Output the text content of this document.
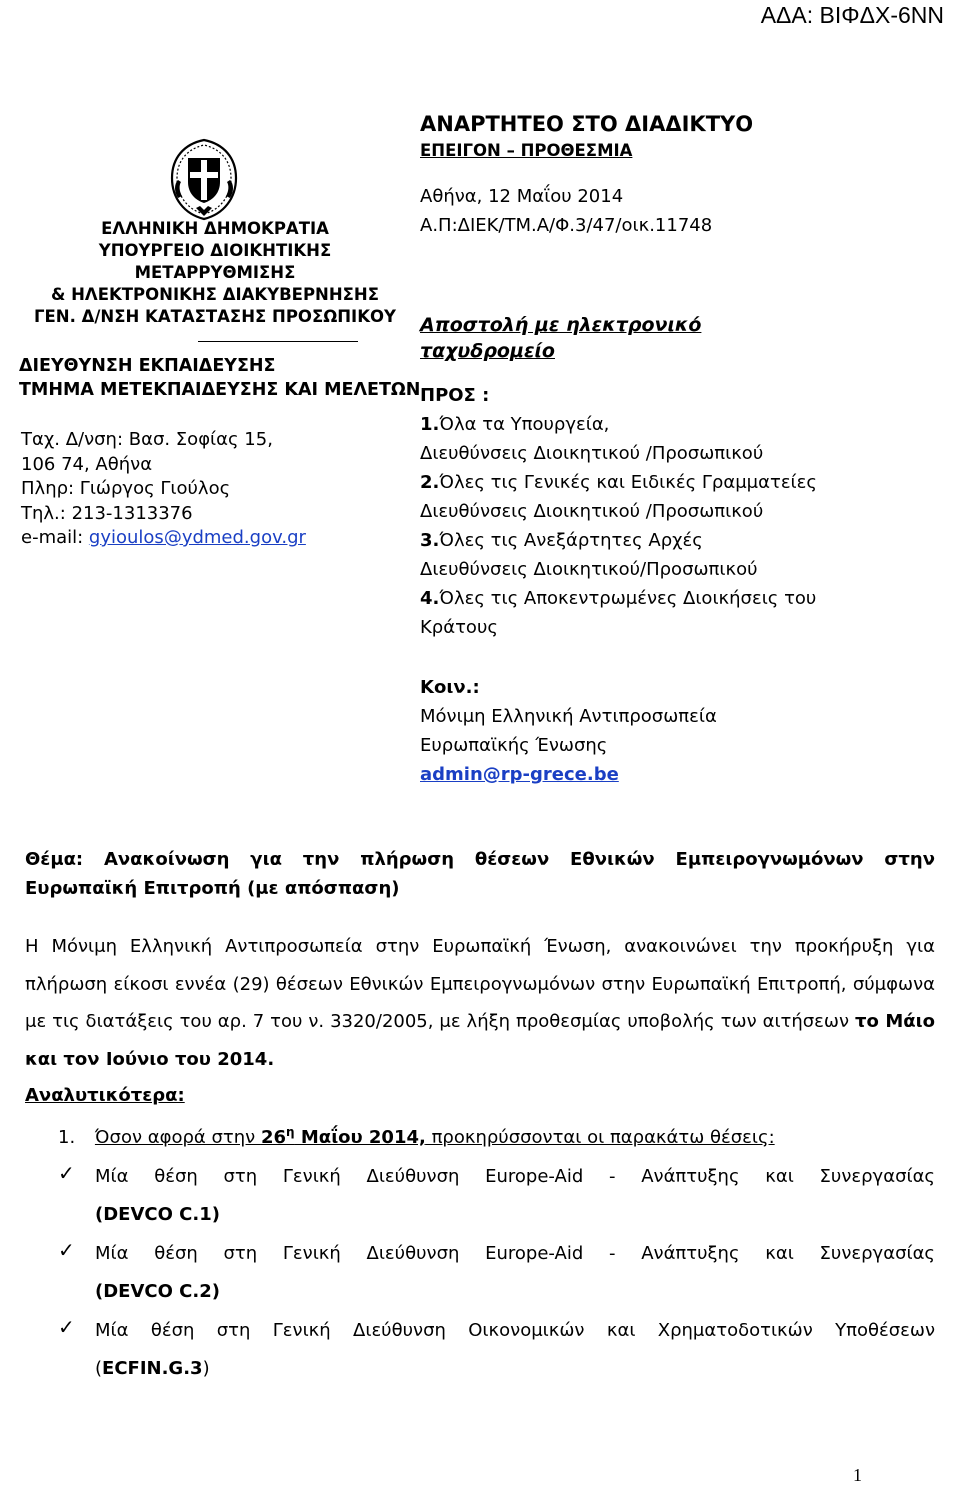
ΑΔΑ: ΒΙΦΔΧ-6ΝΝ
ΕΛΛΗΝΙΚΗ ΔΗΜΟΚΡΑΤΙΑ
ΥΠΟΥΡΓΕΙΟ ΔΙΟΙΚΗΤΙΚΗΣ
ΜΕΤΑΡΡΥΘΜΙΣΗΣ
& ΗΛΕΚΤΡΟΝΙΚΗΣ ΔΙΑΚΥΒΕΡΝΗΣΗΣ
ΓΕΝ. Δ/ΝΣΗ ΚΑΤΑΣΤΑΣΗΣ ΠΡΟΣΩΠΙΚΟΥ
ΔΙΕΥΘΥΝΣΗ ΕΚΠΑΙΔΕΥΣΗΣ
ΤΜΗΜΑ ΜΕΤΕΚΠΑΙΔΕΥΣΗΣ ΚΑΙ ΜΕΛΕΤΩΝ
Ταχ. Δ/νση: Βασ. Σοφίας 15,
106 74, Αθήνα
Πληρ: Γιώργος Γιούλος
Τηλ.: 213-1313376
e-mail: gyioulos@ydmed.gov.gr
ΑΝΑΡΤΗΤΕΟ ΣΤΟ ΔΙΑΔΙΚΤΥΟ
ΕΠΕΙΓΟΝ – ΠΡΟΘΕΣΜΙΑ
Αθήνα, 12 Μαΐου 2014
Α.Π:ΔΙΕΚ/ΤΜ.Α/Φ.3/47/οικ.11748
Αποστολή με ηλεκτρονικό
ταχυδρομείο
ΠΡΟΣ :
1.Όλα τα Υπουργεία,
Διευθύνσεις Διοικητικού /Προσωπικού
2.Όλες τις Γενικές και Ειδικές Γραμματείες
Διευθύνσεις Διοικητικού /Προσωπικού
3.Όλες τις Ανεξάρτητες Αρχές
Διευθύνσεις Διοικητικού/Προσωπικού
4.Όλες τις Αποκεντρωμένες Διοικήσεις του
Κράτους
Κοιν.:
Μόνιμη Ελληνική Αντιπροσωπεία
Ευρωπαϊκής Ένωσης
admin@rp-grece.be
Θέμα: Ανακοίνωση για την πλήρωση θέσεων Εθνικών Εμπειρογνωμόνων στην
Ευρωπαϊκή Επιτροπή (με απόσπαση)
Η Μόνιμη Ελληνική Αντιπροσωπεία στην Ευρωπαϊκή Ένωση, ανακοινώνει την προκήρυξη για πλήρωση είκοσι εννέα (29) θέσεων Εθνικών Εμπειρογνωμόνων στην Ευρωπαϊκή Επιτροπή, σύμφωνα με τις διατάξεις του αρ. 7 του ν. 3320/2005, με λήξη προθεσμίας υποβολής των αιτήσεων το Μάιο και τον Ιούνιο του 2014.
Αναλυτικότερα:
1. Όσον αφορά στην $26^\eta$ Μαΐου 2014, προκηρύσσονται οι παρακάτω θέσεις:
✓ Μία θέση στη Γενική Διεύθυνση Europe-Aid - Ανάπτυξης και Συνεργασίας
(DEVCO C.1)
✓ Μία θέση στη Γενική Διεύθυνση Europe-Aid - Ανάπτυξης και Συνεργασίας
(DEVCO C.2)
✓ Μία θέση στη Γενική Διεύθυνση Οικονομικών και Χρηματοδοτικών Υποθέσεων
(ECFIN.G.3)
1
